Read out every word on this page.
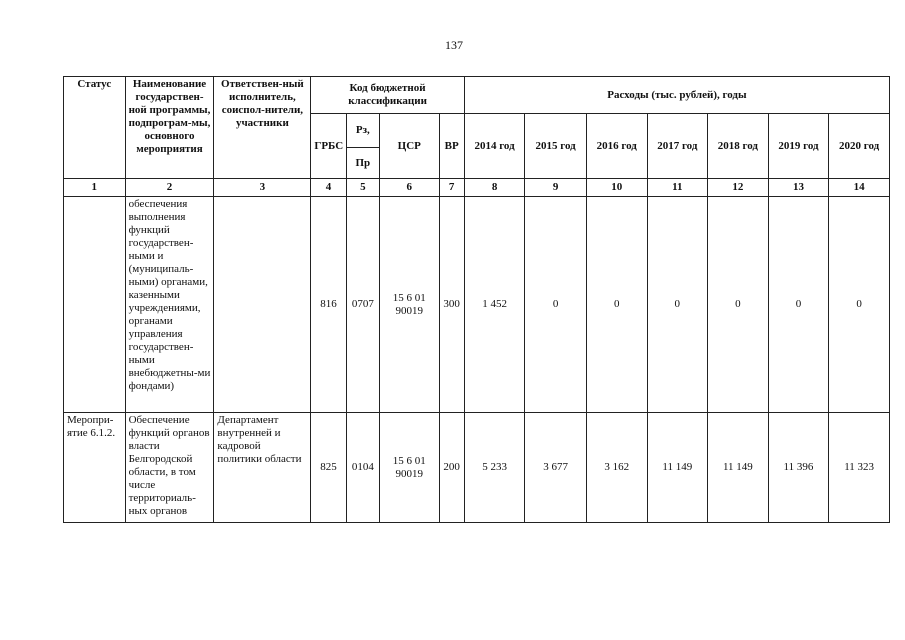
137
Статус	Наименование государствен-ной программы, подпрограм-мы, основного мероприятия	Ответствен-ный исполнитель, соиспол-нители, участники	Код бюджетной классификации				Расходы (тыс. рублей), годы						
			ГРБС	Рз,	ЦСР	ВР	2014 год	2015 год	2016 год	2017 год	2018 год	2019 год	2020 год
				Пр									
1	2	3	4	5	6	7	8	9	10	11	12	13	14
	обеспечения выполнения функций государствен-ными и (муниципаль-ными) органами, казенными учреждениями, органами управления государствен-ными внебюджетны-ми фондами)		816	0707	15 6 01 90019	300	1 452	0	0	0	0	0	0
Меропри-ятие 6.1.2.	Обеспечение функций органов власти Белгородской области, в том числе территориаль-ных органов	Департамент внутренней и кадровой политики области	825	0104	15 6 01 90019	200	5 233	3 677	3 162	11 149	11 149	11 396	11 323
